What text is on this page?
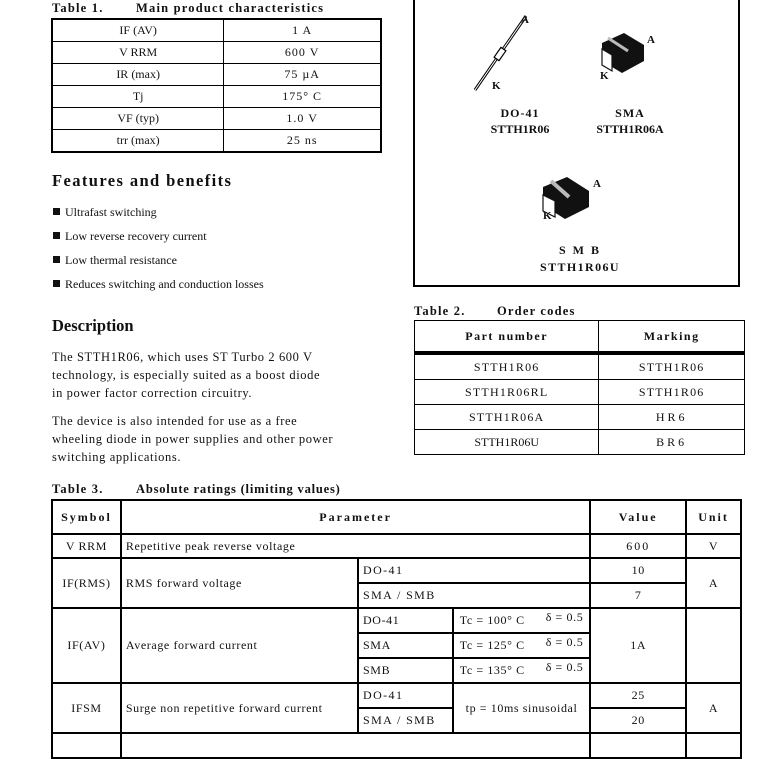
Table 1.	Main product characteristics
IF (AV)	1 A
V RRM	600 V
IR (max)	75 µA
Tj	175° C
VF (typ)	1.0 V
trr (max)	25 ns
A
K
DO-41
STTH1R06
A
K
SMA
STTH1R06A
A
K
S M B
STTH1R06U
Features and benefits
Ultrafast switching
Low reverse recovery current
Low thermal resistance
Reduces switching and conduction losses
Description
The STTH1R06, which uses ST Turbo 2 600 V
technology, is especially suited as a boost diode
in power factor correction circuitry.
The device is also intended for use as a free
wheeling diode in power supplies and other power
switching applications.
Table 2.	Order codes
Part number	Marking
STTH1R06	STTH1R06
STTH1R06RL	STTH1R06
STTH1R06A	HR6
STTH1R06U	BR6
Table 3.	Absolute ratings (limiting values)
Symbol	Parameter			Value	Unit
V RRM	Repetitive peak reverse voltage			600	V
IF(RMS)	RMS forward voltage	DO-41		10	A
		SMA / SMB		7	
IF(AV)	Average forward current	DO-41	Tc = 100° C δ = 0.5	1A	
		SMA	Tc = 125° C δ = 0.5		

		SMB	Tc = 135° C δ = 0.5		

IFSM	Surge non repetitive forward current	DO-41	tp = 10ms sinusoidal	25	A
		SMA / SMB		20	
